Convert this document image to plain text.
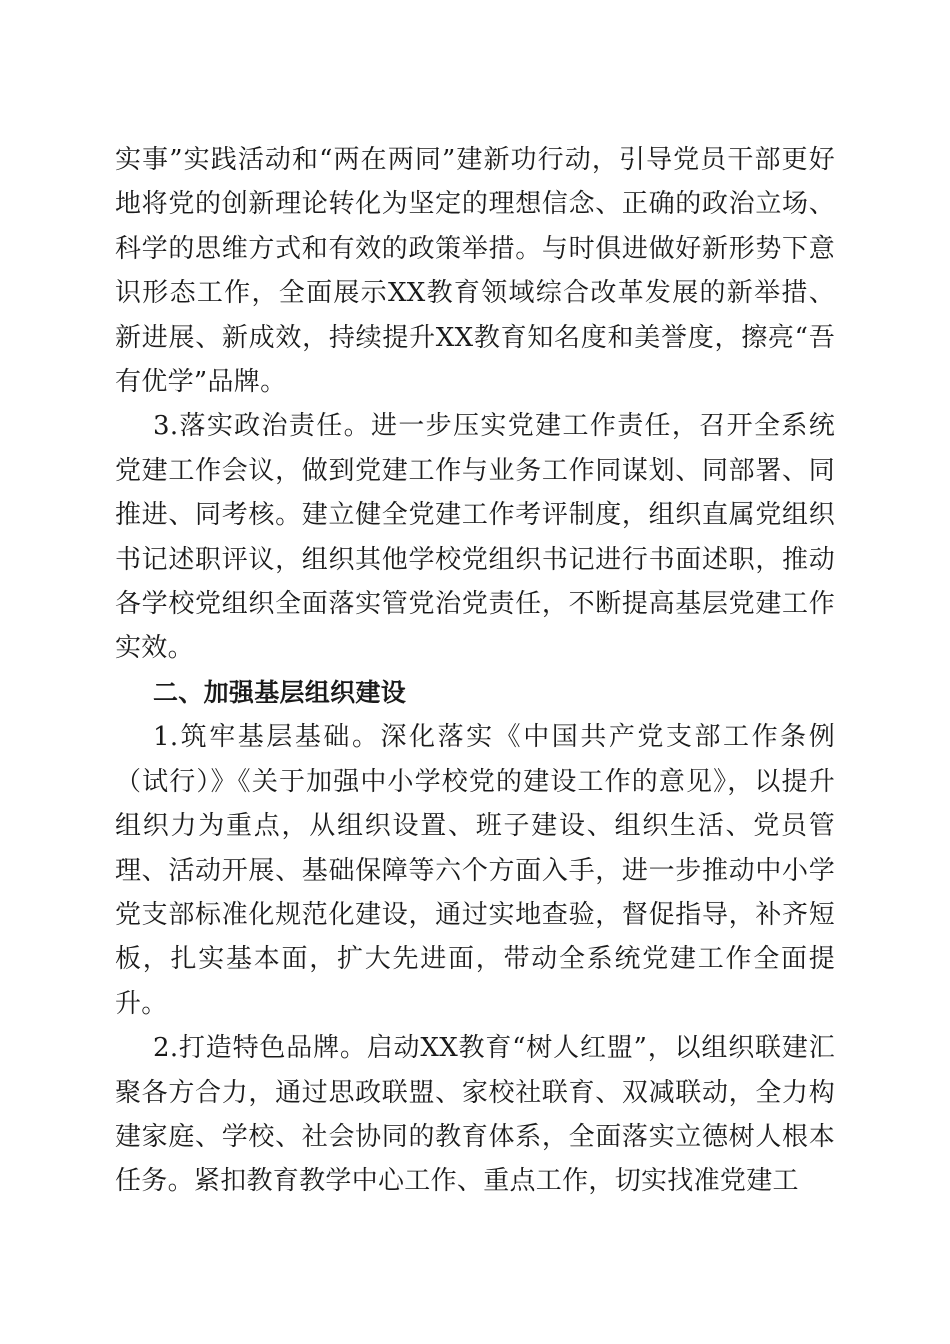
实事”实践活动和“两在两同”建新功行动，引导党员干部更好地将党的创新理论转化为坚定的理想信念、正确的政治立场、科学的思维方式和有效的政策举措。与时俱进做好新形势下意识形态工作，全面展示XX教育领域综合改革发展的新举措、新进展、新成效，持续提升XX教育知名度和美誉度，擦亮“吾有优学”品牌。

3.落实政治责任。进一步压实党建工作责任，召开全系统党建工作会议，做到党建工作与业务工作同谋划、同部署、同推进、同考核。建立健全党建工作考评制度，组织直属党组织书记述职评议，组织其他学校党组织书记进行书面述职，推动各学校党组织全面落实管党治党责任，不断提高基层党建工作实效。

二、加强基层组织建设

1.筑牢基层基础。深化落实《中国共产党支部工作条例（试行）》《关于加强中小学校党的建设工作的意见》，以提升组织力为重点，从组织设置、班子建设、组织生活、党员管理、活动开展、基础保障等六个方面入手，进一步推动中小学党支部标准化规范化建设，通过实地查验，督促指导，补齐短板，扎实基本面，扩大先进面，带动全系统党建工作全面提升。

2.打造特色品牌。启动XX教育“树人红盟”，以组织联建汇聚各方合力，通过思政联盟、家校社联育、双减联动，全力构建家庭、学校、社会协同的教育体系，全面落实立德树人根本任务。紧扣教育教学中心工作、重点工作，切实找准党建工
